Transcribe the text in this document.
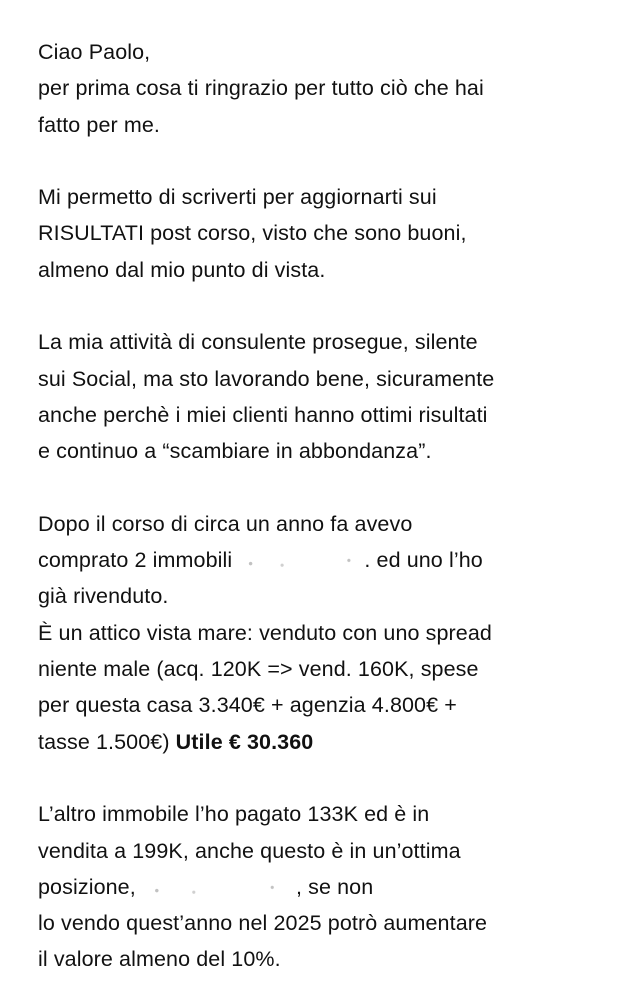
Ciao Paolo,
per prima cosa ti ringrazio per tutto ciò che hai
fatto per me.
Mi permetto di scriverti per aggiornarti sui
RISULTATI post corso, visto che sono buoni,
almeno dal mio punto di vista.
La mia attività di consulente prosegue, silente
sui Social, ma sto lavorando bene, sicuramente
anche perchè i miei clienti hanno ottimi risultati
e continuo a “scambiare in abbondanza”.
Dopo il corso di circa un anno fa avevo
comprato 2 immobili	. ed uno l’ho
già rivenduto.
È un attico vista mare: venduto con uno spread
niente male (acq. 120K => vend. 160K, spese
per questa casa 3.340€ + agenzia 4.800€ +
tasse 1.500€) Utile € 30.360
L’altro immobile l’ho pagato 133K ed è in
vendita a 199K, anche questo è in un’ottima
posizione,	, se non
lo vendo quest’anno nel 2025 potrò aumentare
il valore almeno del 10%.
